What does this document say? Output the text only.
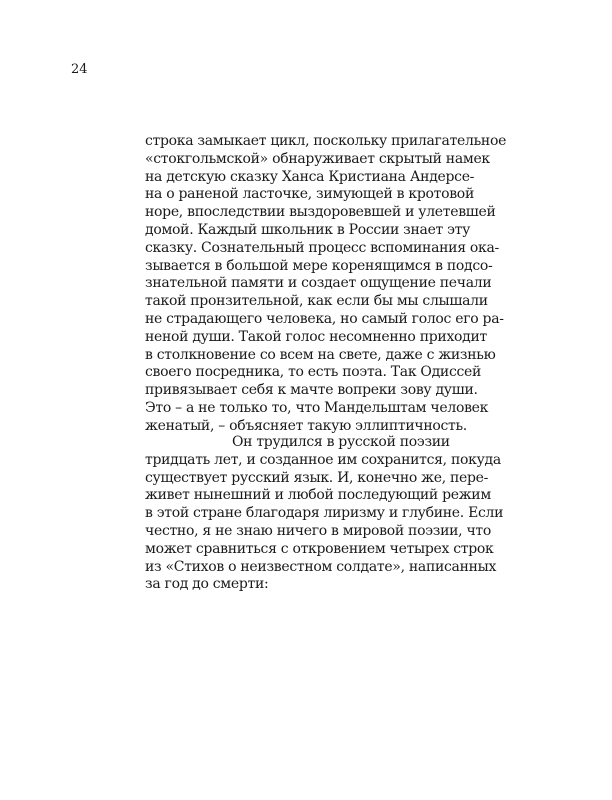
24
строка замыкает цикл, поскольку прилагательное
«стокгольмской» обнаруживает скрытый намек
на детскую сказку Ханса Кристиана Андерсе-
на о раненой ласточке, зимующей в кротовой
норе, впоследствии выздоровевшей и улетевшей
домой. Каждый школьник в России знает эту
сказку. Сознательный процесс вспоминания ока-
зывается в большой мере коренящимся в подсо-
знательной памяти и создает ощущение печали
такой пронзительной, как если бы мы слышали
не страдающего человека, но самый голос его ра-
неной души. Такой голос несомненно приходит
в столкновение со всем на свете, даже с жизнью
своего посредника, то есть поэта. Так Одиссей
привязывает себя к мачте вопреки зову души.
Это – а не только то, что Мандельштам человек
женатый, – объясняет такую эллиптичность.
Он трудился в русской поэзии
тридцать лет, и созданное им сохранится, покуда
существует русский язык. И, конечно же, пере-
живет нынешний и любой последующий режим
в этой стране благодаря лиризму и глубине. Если
честно, я не знаю ничего в мировой поэзии, что
может сравниться с откровением четырех строк
из «Стихов о неизвестном солдате», написанных
за год до смерти:
